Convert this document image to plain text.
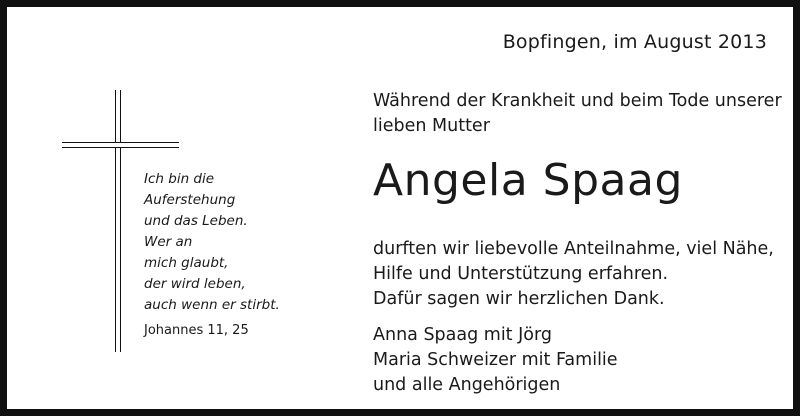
Bopfingen, im August 2013
Ich bin die
Auferstehung
und das Leben.
Wer an
mich glaubt,
der wird leben,
auch wenn er stirbt.
Johannes 11, 25
Während der Krankheit und beim Tode unserer
lieben Mutter
Angela Spaag
durften wir liebevolle Anteilnahme, viel Nähe,
Hilfe und Unterstützung erfahren.
Dafür sagen wir herzlichen Dank.
Anna Spaag mit Jörg
Maria Schweizer mit Familie
und alle Angehörigen
